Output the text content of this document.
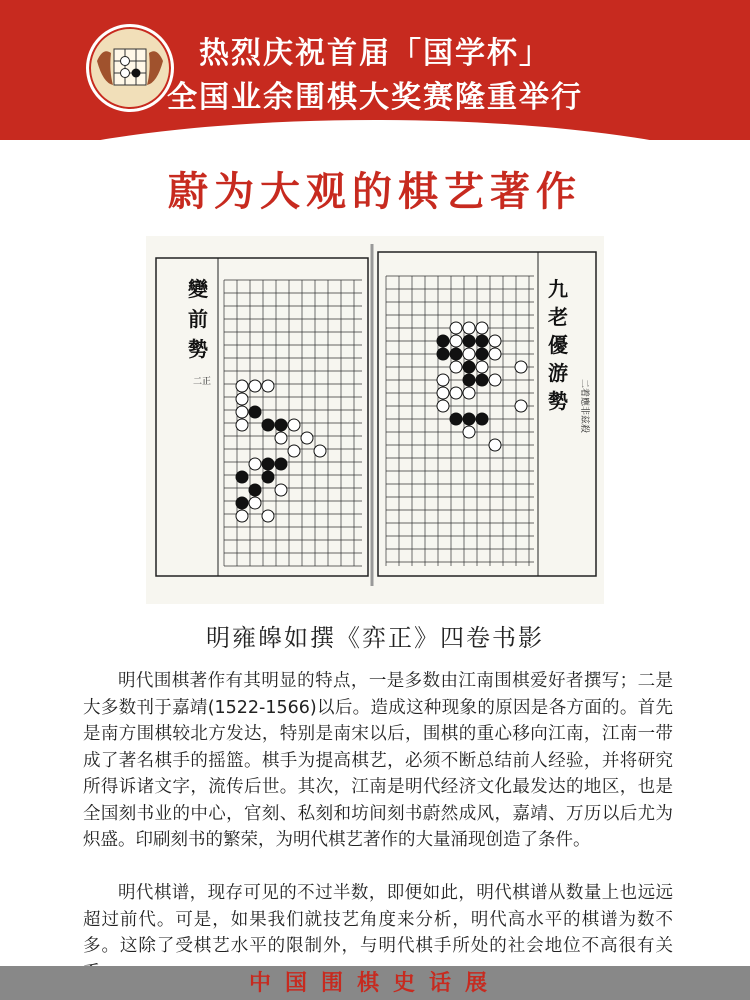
热烈庆祝首届「国学杯」
全国业余围棋大奖赛隆重举行
蔚为大观的棋艺著作
變
前
勢
二正
九
老
優
游
勢 二着應非兹殺
明雍皞如撰《弈正》四卷书影

明代围棋著作有其明显的特点，一是多数由江南围棋爱好者撰写；二是大多数刊于嘉靖(1522-1566)以后。造成这种现象的原因是各方面的。首先是南方围棋较北方发达，特别是南宋以后，围棋的重心移向江南，江南一带成了著名棋手的摇篮。棋手为提高棋艺，必须不断总结前人经验，并将研究所得诉诸文字，流传后世。其次，江南是明代经济文化最发达的地区，也是全国刻书业的中心，官刻、私刻和坊间刻书蔚然成风，嘉靖、万历以后尤为炽盛。印刷刻书的繁荣，为明代棋艺著作的大量涌现创造了条件。

明代棋谱，现存可见的不过半数，即便如此，明代棋谱从数量上也远远超过前代。可是，如果我们就技艺角度来分析，明代高水平的棋谱为数不多。这除了受棋艺水平的限制外，与明代棋手所处的社会地位不高很有关

中国围棋史话展
